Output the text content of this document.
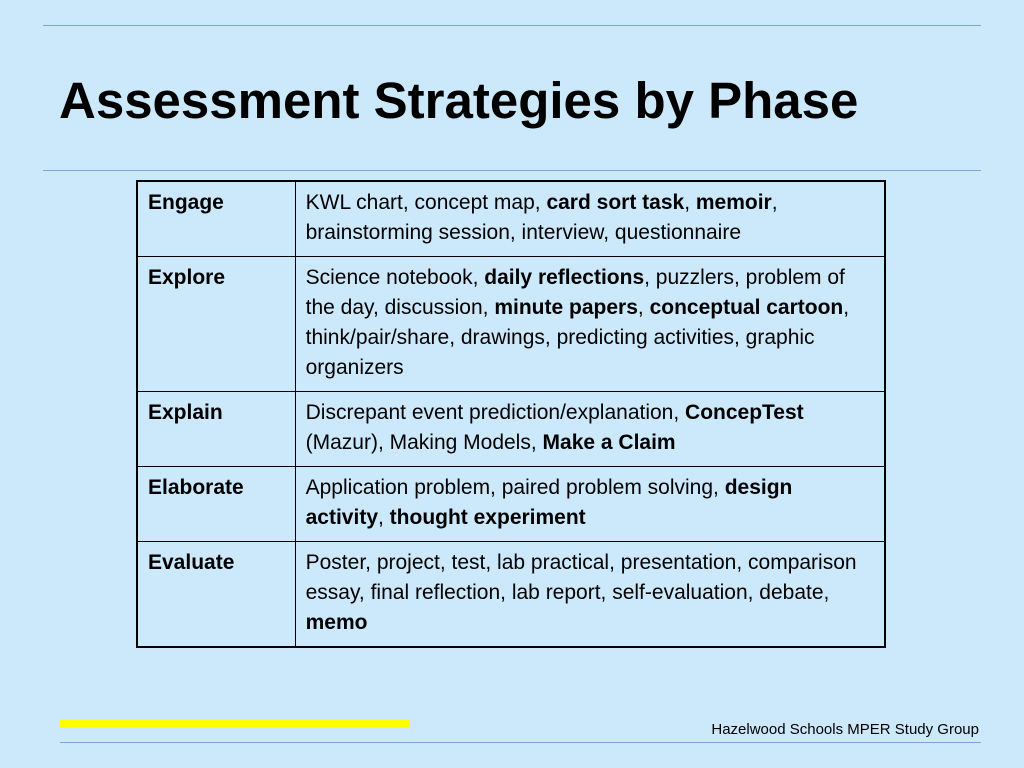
Assessment Strategies by Phase
Engage	KWL chart, concept map, card sort task, memoir, brainstorming session, interview, questionnaire
Explore	Science notebook, daily reflections, puzzlers, problem of the day, discussion, minute papers, conceptual cartoon, think/pair/share, drawings, predicting activities, graphic organizers
Explain	Discrepant event prediction/explanation, ConcepTest (Mazur), Making Models, Make a Claim
Elaborate	Application problem, paired problem solving, design activity, thought experiment
Evaluate	Poster, project, test, lab practical, presentation, comparison essay, final reflection, lab report, self-evaluation, debate, memo
Hazelwood Schools MPER Study Group
